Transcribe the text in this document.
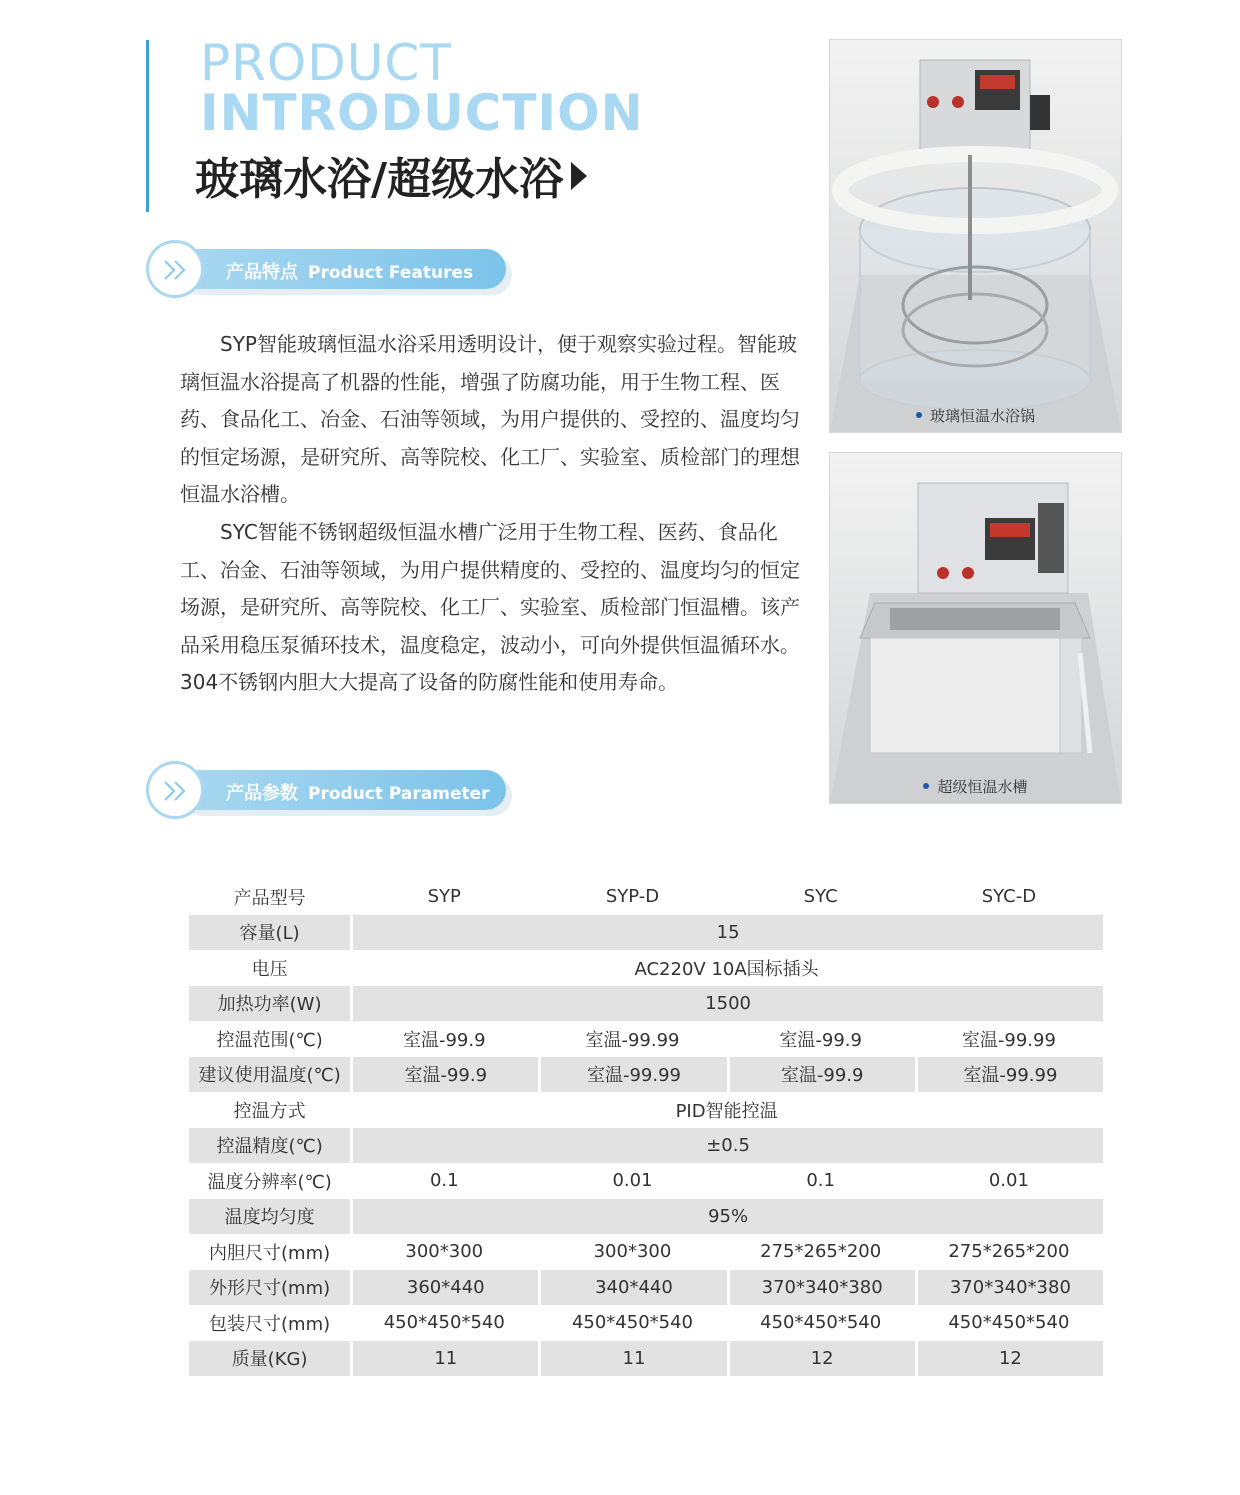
PRODUCT
INTRODUCTION
玻璃水浴/超级水浴
产品特点 Product Features

SYP智能玻璃恒温水浴采用透明设计，便于观察实验过程。智能玻璃恒温水浴提高了机器的性能，增强了防腐功能，用于生物工程、医药、食品化工、冶金、石油等领域，为用户提供的、受控的、温度均匀的恒定场源，是研究所、高等院校、化工厂、实验室、质检部门的理想恒温水浴槽。

SYC智能不锈钢超级恒温水槽广泛用于生物工程、医药、食品化工、冶金、石油等领域，为用户提供精度的、受控的、温度均匀的恒定场源，是研究所、高等院校、化工厂、实验室、质检部门恒温槽。该产品采用稳压泵循环技术，温度稳定，波动小，可向外提供恒温循环水。304不锈钢内胆大大提高了设备的防腐性能和使用寿命。

产品参数 Product Parameter
玻璃恒温水浴锅
超级恒温水槽
产品型号	SYP	SYP-D	SYC	SYC-D
容量(L)	15			
电压	AC220V 10A国标插头			
加热功率(W)	1500			
控温范围(℃)	室温-99.9	室温-99.99	室温-99.9	室温-99.99
建议使用温度(℃)	室温-99.9	室温-99.99	室温-99.9	室温-99.99
控温方式	PID智能控温			
控温精度(℃)	±0.5			
温度分辨率(℃)	0.1	0.01	0.1	0.01
温度均匀度	95%			
内胆尺寸(mm)	300*300	300*300	275*265*200	275*265*200
外形尺寸(mm)	360*440	340*440	370*340*380	370*340*380
包装尺寸(mm)	450*450*540	450*450*540	450*450*540	450*450*540
质量(KG)	11	11	12	12
